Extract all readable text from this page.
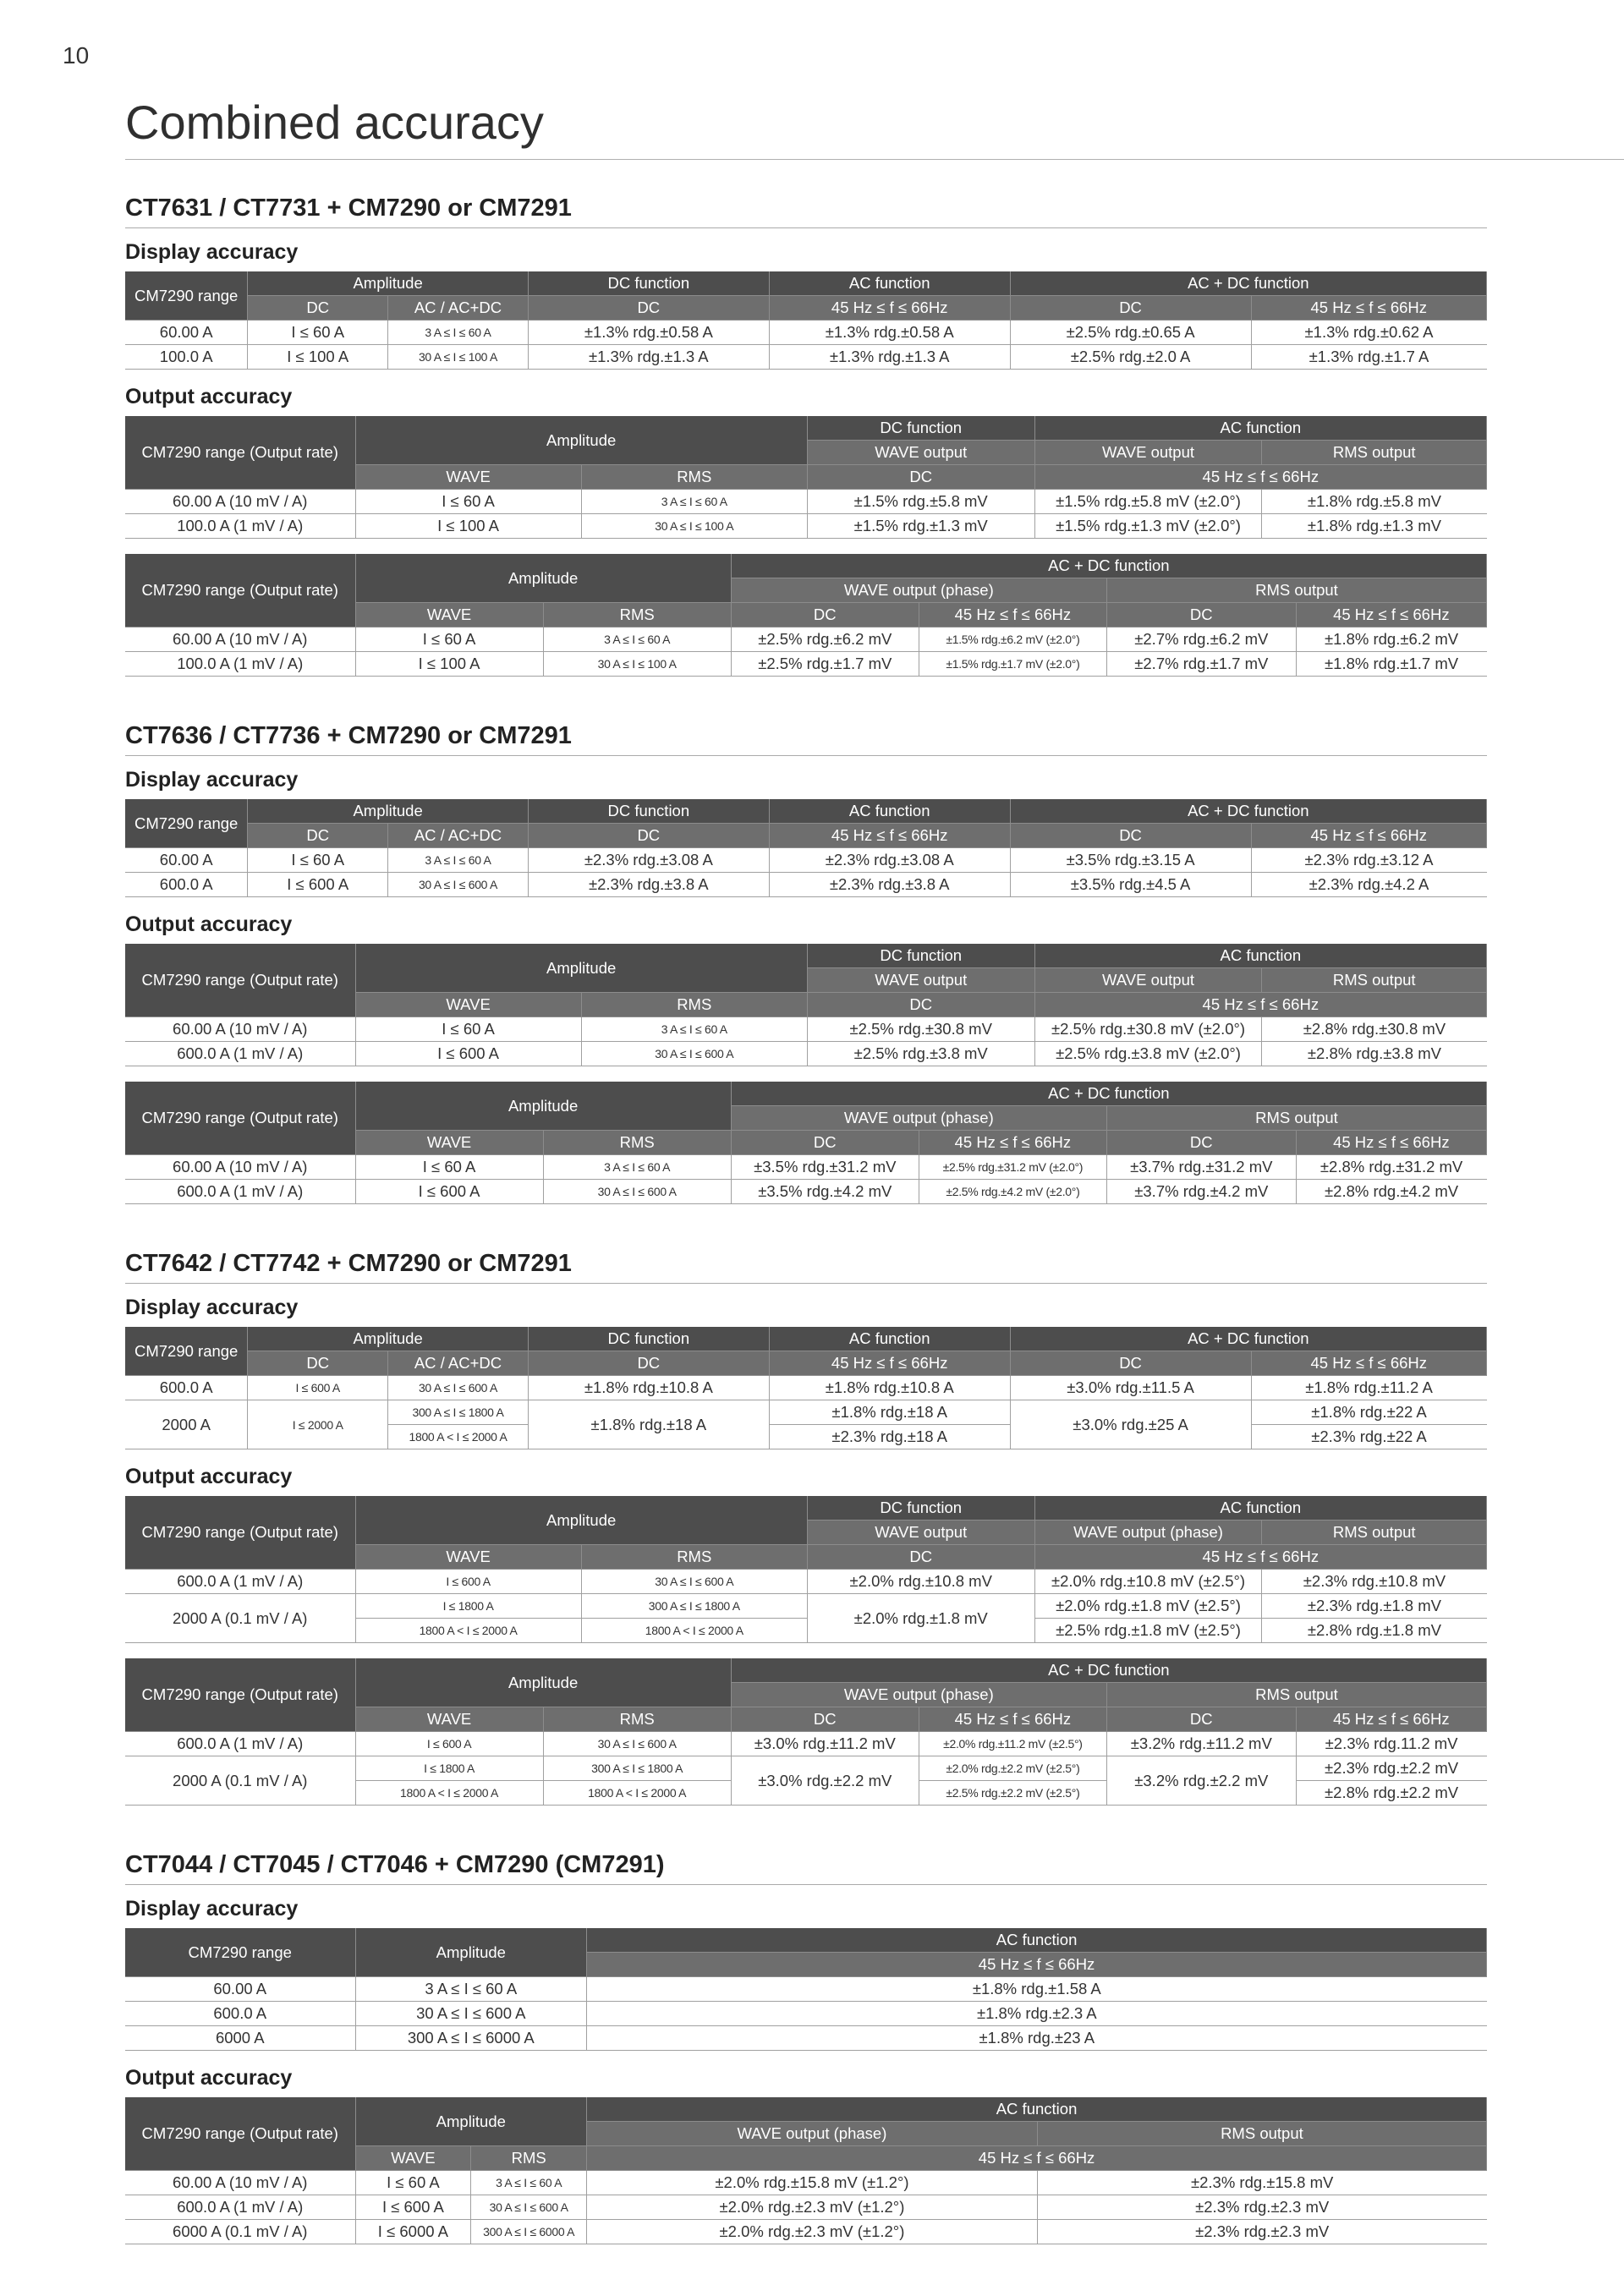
10
Combined accuracy
CT7631 / CT7731 + CM7290 or CM7291
Display accuracy
CM7290 range	Amplitude		DC function	AC function	AC + DC function	
	DC	AC / AC+DC	DC	45 Hz ≤ f ≤ 66Hz	DC	45 Hz ≤ f ≤ 66Hz
60.00 A	I ≤ 60 A	3 A ≤ I ≤ 60 A	±1.3% rdg.±0.58 A	±1.3% rdg.±0.58 A	±2.5% rdg.±0.65 A	±1.3% rdg.±0.62 A
100.0 A	I ≤ 100 A	30 A ≤ I ≤ 100 A	±1.3% rdg.±1.3 A	±1.3% rdg.±1.3 A	±2.5% rdg.±2.0 A	±1.3% rdg.±1.7 A
Output accuracy
CM7290 range (Output rate)	Amplitude		DC function	AC function	
			WAVE output	WAVE output	RMS output
	WAVE	RMS	DC	45 Hz ≤ f ≤ 66Hz	
60.00 A (10 mV / A)	I ≤ 60 A	3 A ≤ I ≤ 60 A	±1.5% rdg.±5.8 mV	±1.5% rdg.±5.8 mV (±2.0°)	±1.8% rdg.±5.8 mV
100.0 A (1 mV / A)	I ≤ 100 A	30 A ≤ I ≤ 100 A	±1.5% rdg.±1.3 mV	±1.5% rdg.±1.3 mV (±2.0°)	±1.8% rdg.±1.3 mV
CM7290 range (Output rate)	Amplitude		AC + DC function			
			WAVE output (phase)		RMS output	
	WAVE	RMS	DC	45 Hz ≤ f ≤ 66Hz	DC	45 Hz ≤ f ≤ 66Hz
60.00 A (10 mV / A)	I ≤ 60 A	3 A ≤ I ≤ 60 A	±2.5% rdg.±6.2 mV	±1.5% rdg.±6.2 mV (±2.0°)	±2.7% rdg.±6.2 mV	±1.8% rdg.±6.2 mV
100.0 A (1 mV / A)	I ≤ 100 A	30 A ≤ I ≤ 100 A	±2.5% rdg.±1.7 mV	±1.5% rdg.±1.7 mV (±2.0°)	±2.7% rdg.±1.7 mV	±1.8% rdg.±1.7 mV
CT7636 / CT7736 + CM7290 or CM7291
Display accuracy
CM7290 range	Amplitude		DC function	AC function	AC + DC function	
	DC	AC / AC+DC	DC	45 Hz ≤ f ≤ 66Hz	DC	45 Hz ≤ f ≤ 66Hz
60.00 A	I ≤ 60 A	3 A ≤ I ≤ 60 A	±2.3% rdg.±3.08 A	±2.3% rdg.±3.08 A	±3.5% rdg.±3.15 A	±2.3% rdg.±3.12 A
600.0 A	I ≤ 600 A	30 A ≤ I ≤ 600 A	±2.3% rdg.±3.8 A	±2.3% rdg.±3.8 A	±3.5% rdg.±4.5 A	±2.3% rdg.±4.2 A
Output accuracy
CM7290 range (Output rate)	Amplitude		DC function	AC function	
			WAVE output	WAVE output	RMS output
	WAVE	RMS	DC	45 Hz ≤ f ≤ 66Hz	
60.00 A (10 mV / A)	I ≤ 60 A	3 A ≤ I ≤ 60 A	±2.5% rdg.±30.8 mV	±2.5% rdg.±30.8 mV (±2.0°)	±2.8% rdg.±30.8 mV
600.0 A (1 mV / A)	I ≤ 600 A	30 A ≤ I ≤ 600 A	±2.5% rdg.±3.8 mV	±2.5% rdg.±3.8 mV (±2.0°)	±2.8% rdg.±3.8 mV
CM7290 range (Output rate)	Amplitude		AC + DC function			
			WAVE output (phase)		RMS output	
	WAVE	RMS	DC	45 Hz ≤ f ≤ 66Hz	DC	45 Hz ≤ f ≤ 66Hz
60.00 A (10 mV / A)	I ≤ 60 A	3 A ≤ I ≤ 60 A	±3.5% rdg.±31.2 mV	±2.5% rdg.±31.2 mV (±2.0°)	±3.7% rdg.±31.2 mV	±2.8% rdg.±31.2 mV
600.0 A (1 mV / A)	I ≤ 600 A	30 A ≤ I ≤ 600 A	±3.5% rdg.±4.2 mV	±2.5% rdg.±4.2 mV (±2.0°)	±3.7% rdg.±4.2 mV	±2.8% rdg.±4.2 mV
CT7642 / CT7742 + CM7290 or CM7291
Display accuracy
CM7290 range	Amplitude		DC function	AC function	AC + DC function	
	DC	AC / AC+DC	DC	45 Hz ≤ f ≤ 66Hz	DC	45 Hz ≤ f ≤ 66Hz
600.0 A	I ≤ 600 A	30 A ≤ I ≤ 600 A	±1.8% rdg.±10.8 A	±1.8% rdg.±10.8 A	±3.0% rdg.±11.5 A	±1.8% rdg.±11.2 A
2000 A	I ≤ 2000 A	300 A ≤ I ≤ 1800 A	±1.8% rdg.±18 A	±1.8% rdg.±18 A	±3.0% rdg.±25 A	±1.8% rdg.±22 A
		1800 A < I ≤ 2000 A		±2.3% rdg.±18 A		±2.3% rdg.±22 A
Output accuracy
CM7290 range (Output rate)	Amplitude		DC function	AC function	
			WAVE output	WAVE output (phase)	RMS output
	WAVE	RMS	DC	45 Hz ≤ f ≤ 66Hz	
600.0 A (1 mV / A)	I ≤ 600 A	30 A ≤ I ≤ 600 A	±2.0% rdg.±10.8 mV	±2.0% rdg.±10.8 mV (±2.5°)	±2.3% rdg.±10.8 mV
2000 A (0.1 mV / A)	I ≤ 1800 A	300 A ≤ I ≤ 1800 A	±2.0% rdg.±1.8 mV	±2.0% rdg.±1.8 mV (±2.5°)	±2.3% rdg.±1.8 mV
	1800 A < I ≤ 2000 A	1800 A < I ≤ 2000 A		±2.5% rdg.±1.8 mV (±2.5°)	±2.8% rdg.±1.8 mV
CM7290 range (Output rate)	Amplitude		AC + DC function			
			WAVE output (phase)		RMS output	
	WAVE	RMS	DC	45 Hz ≤ f ≤ 66Hz	DC	45 Hz ≤ f ≤ 66Hz
600.0 A (1 mV / A)	I ≤ 600 A	30 A ≤ I ≤ 600 A	±3.0% rdg.±11.2 mV	±2.0% rdg.±11.2 mV (±2.5°)	±3.2% rdg.±11.2 mV	±2.3% rdg.11.2 mV
2000 A (0.1 mV / A)	I ≤ 1800 A	300 A ≤ I ≤ 1800 A	±3.0% rdg.±2.2 mV	±2.0% rdg.±2.2 mV (±2.5°)	±3.2% rdg.±2.2 mV	±2.3% rdg.±2.2 mV
	1800 A < I ≤ 2000 A	1800 A < I ≤ 2000 A		±2.5% rdg.±2.2 mV (±2.5°)		±2.8% rdg.±2.2 mV
CT7044 / CT7045 / CT7046 + CM7290 (CM7291)
Display accuracy
CM7290 range	Amplitude	AC function
		45 Hz ≤ f ≤ 66Hz
60.00 A	3 A ≤ I ≤ 60 A	±1.8% rdg.±1.58 A
600.0 A	30 A ≤ I ≤ 600 A	±1.8% rdg.±2.3 A
6000 A	300 A ≤ I ≤ 6000 A	±1.8% rdg.±23 A
Output accuracy
CM7290 range (Output rate)	Amplitude		AC function	
			WAVE output (phase)	RMS output
	WAVE	RMS	45 Hz ≤ f ≤ 66Hz	
60.00 A (10 mV / A)	I ≤ 60 A	3 A ≤ I ≤ 60 A	±2.0% rdg.±15.8 mV (±1.2°)	±2.3% rdg.±15.8 mV
600.0 A (1 mV / A)	I ≤ 600 A	30 A ≤ I ≤ 600 A	±2.0% rdg.±2.3 mV (±1.2°)	±2.3% rdg.±2.3 mV
6000 A (0.1 mV / A)	I ≤ 6000 A	300 A ≤ I ≤ 6000 A	±2.0% rdg.±2.3 mV (±1.2°)	±2.3% rdg.±2.3 mV
